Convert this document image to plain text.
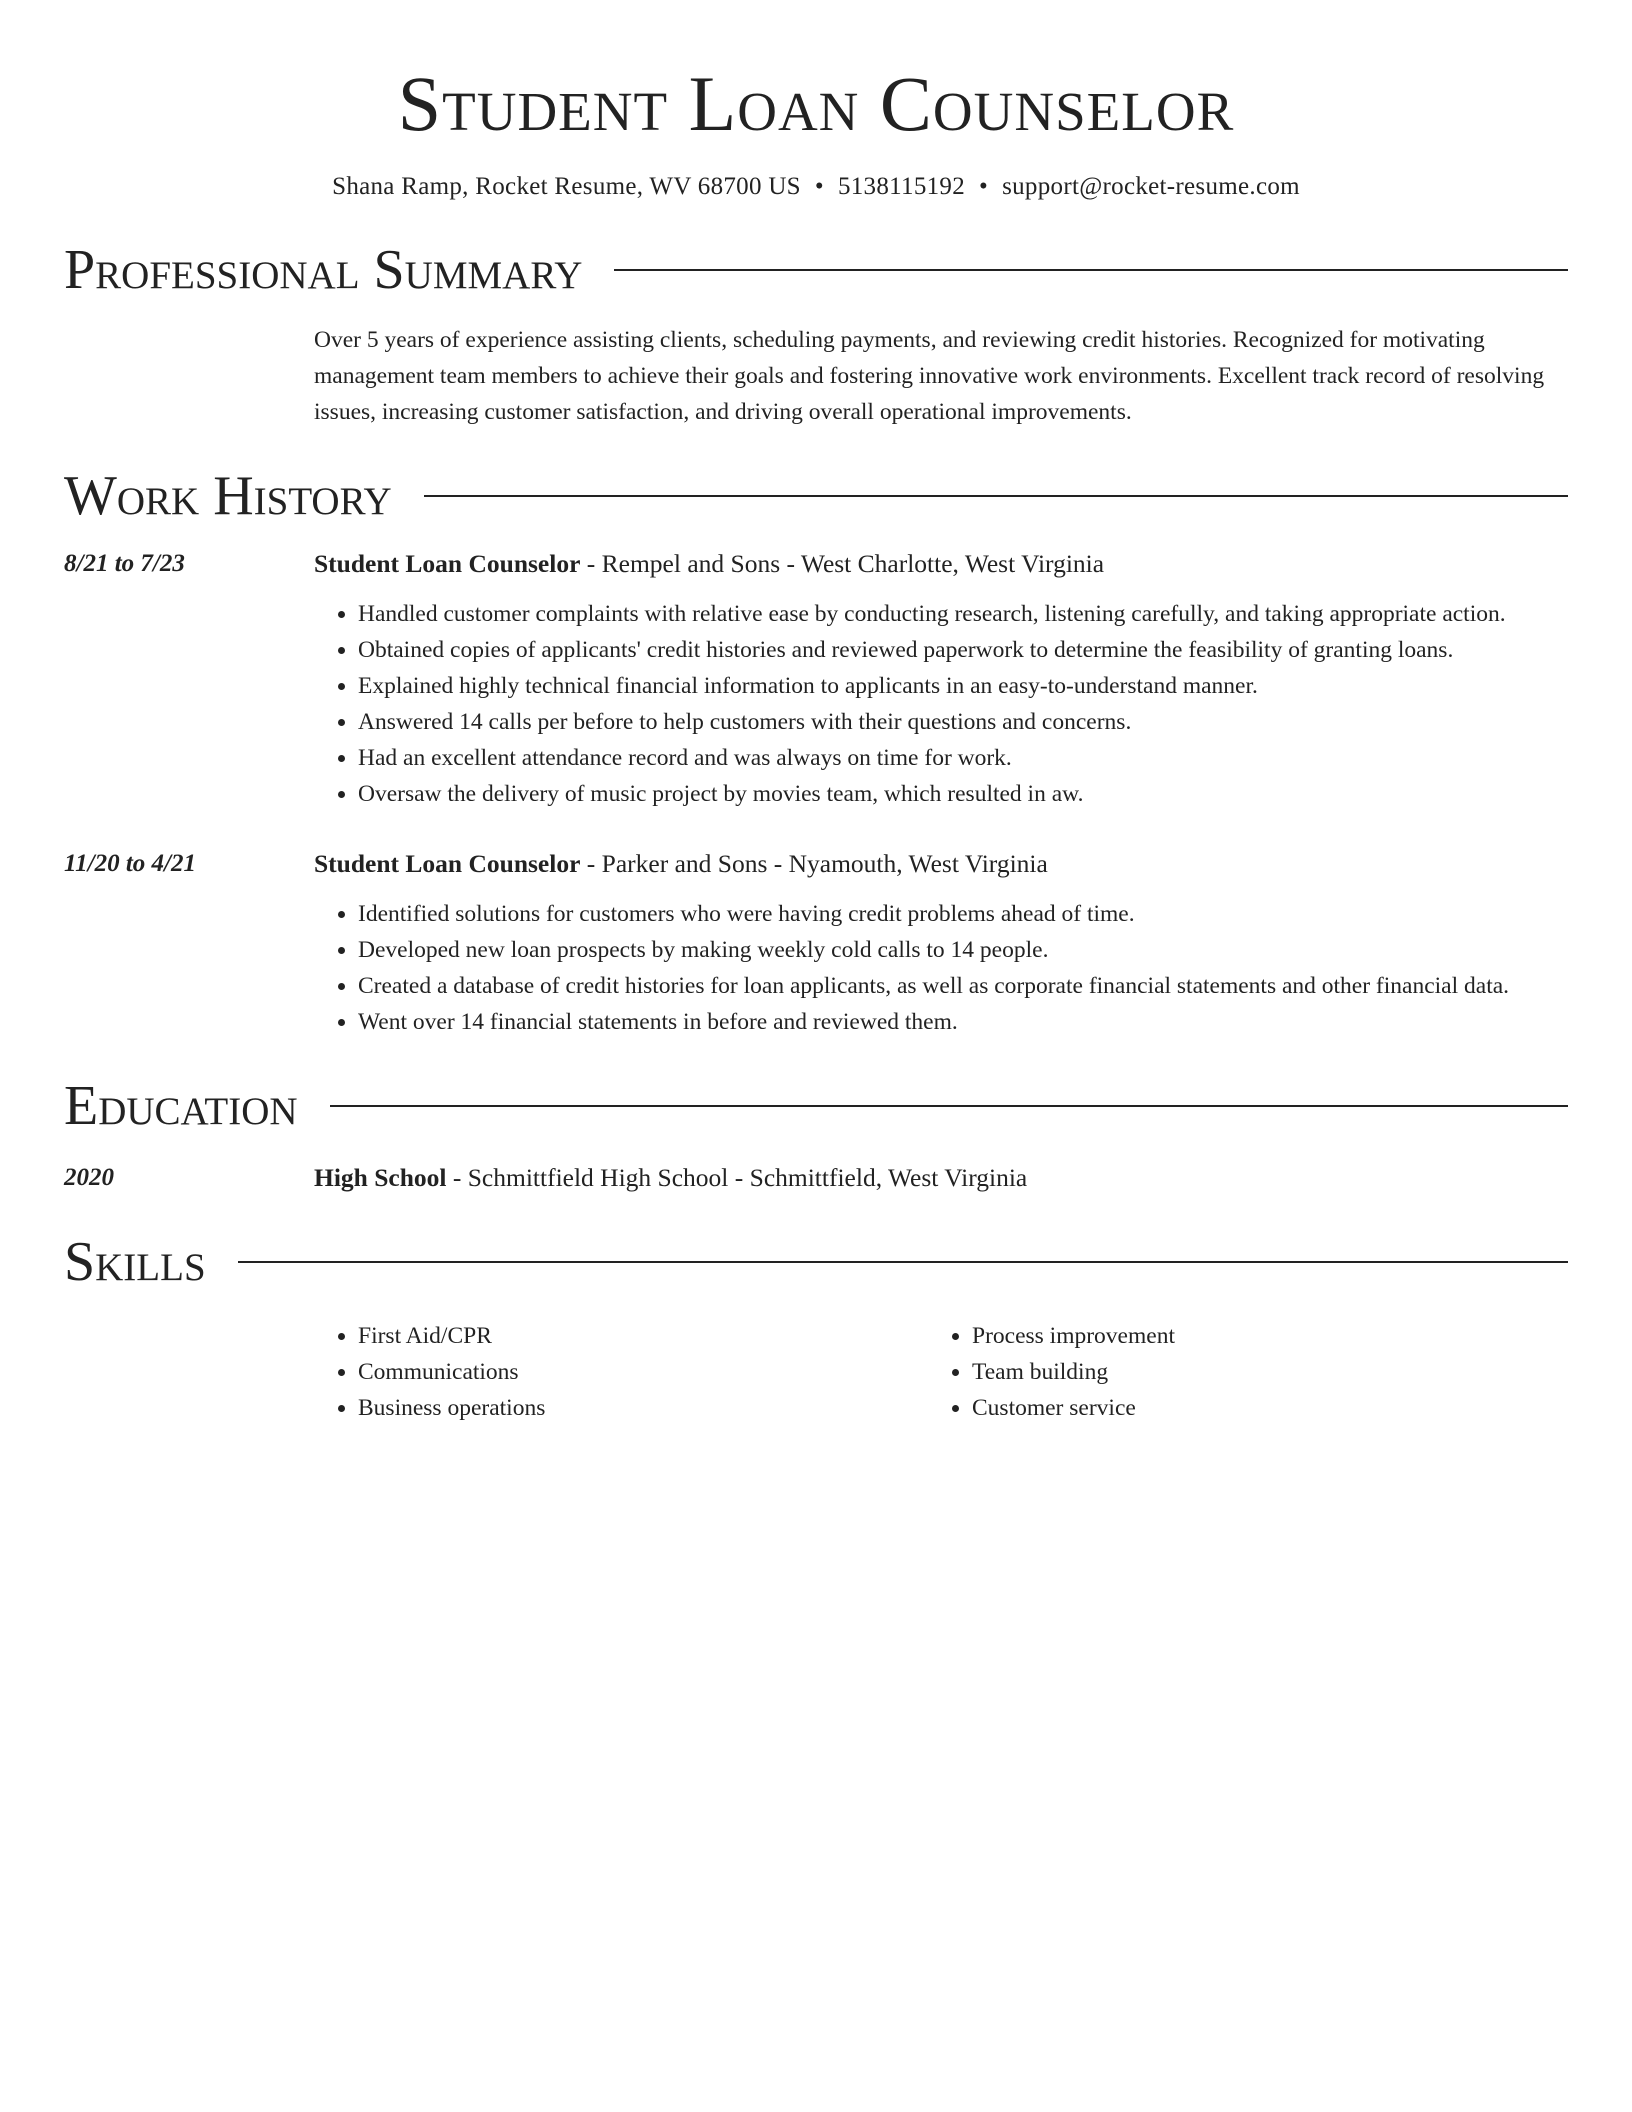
Student Loan Counselor
Shana Ramp, Rocket Resume, WV 68700 US • 5138115192 • support@rocket-resume.com
Professional Summary

Over 5 years of experience assisting clients, scheduling payments, and reviewing credit histories. Recognized for motivating management team members to achieve their goals and fostering innovative work environments. Excellent track record of resolving issues, increasing customer satisfaction, and driving overall operational improvements.

Work History
8/21 to 7/23	Student Loan Counselor - Rempel and Sons - West Charlotte, West Virginia
• Handled customer complaints with relative ease by conducting research, listening carefully, and taking appropriate action.
• Obtained copies of applicants' credit histories and reviewed paperwork to determine the feasibility of granting loans.
• Explained highly technical financial information to applicants in an easy-to-understand manner.
• Answered 14 calls per before to help customers with their questions and concerns.
• Had an excellent attendance record and was always on time for work.
• Oversaw the delivery of music project by movies team, which resulted in aw.
11/20 to 4/21	Student Loan Counselor - Parker and Sons - Nyamouth, West Virginia
• Identified solutions for customers who were having credit problems ahead of time.
• Developed new loan prospects by making weekly cold calls to 14 people.
• Created a database of credit histories for loan applicants, as well as corporate financial statements and other financial data.
• Went over 14 financial statements in before and reviewed them.
Education
2020	High School - Schmittfield High School - Schmittfield, West Virginia
Skills
• First Aid/CPR
• Communications
• Business operations
• Process improvement
• Team building
• Customer service
